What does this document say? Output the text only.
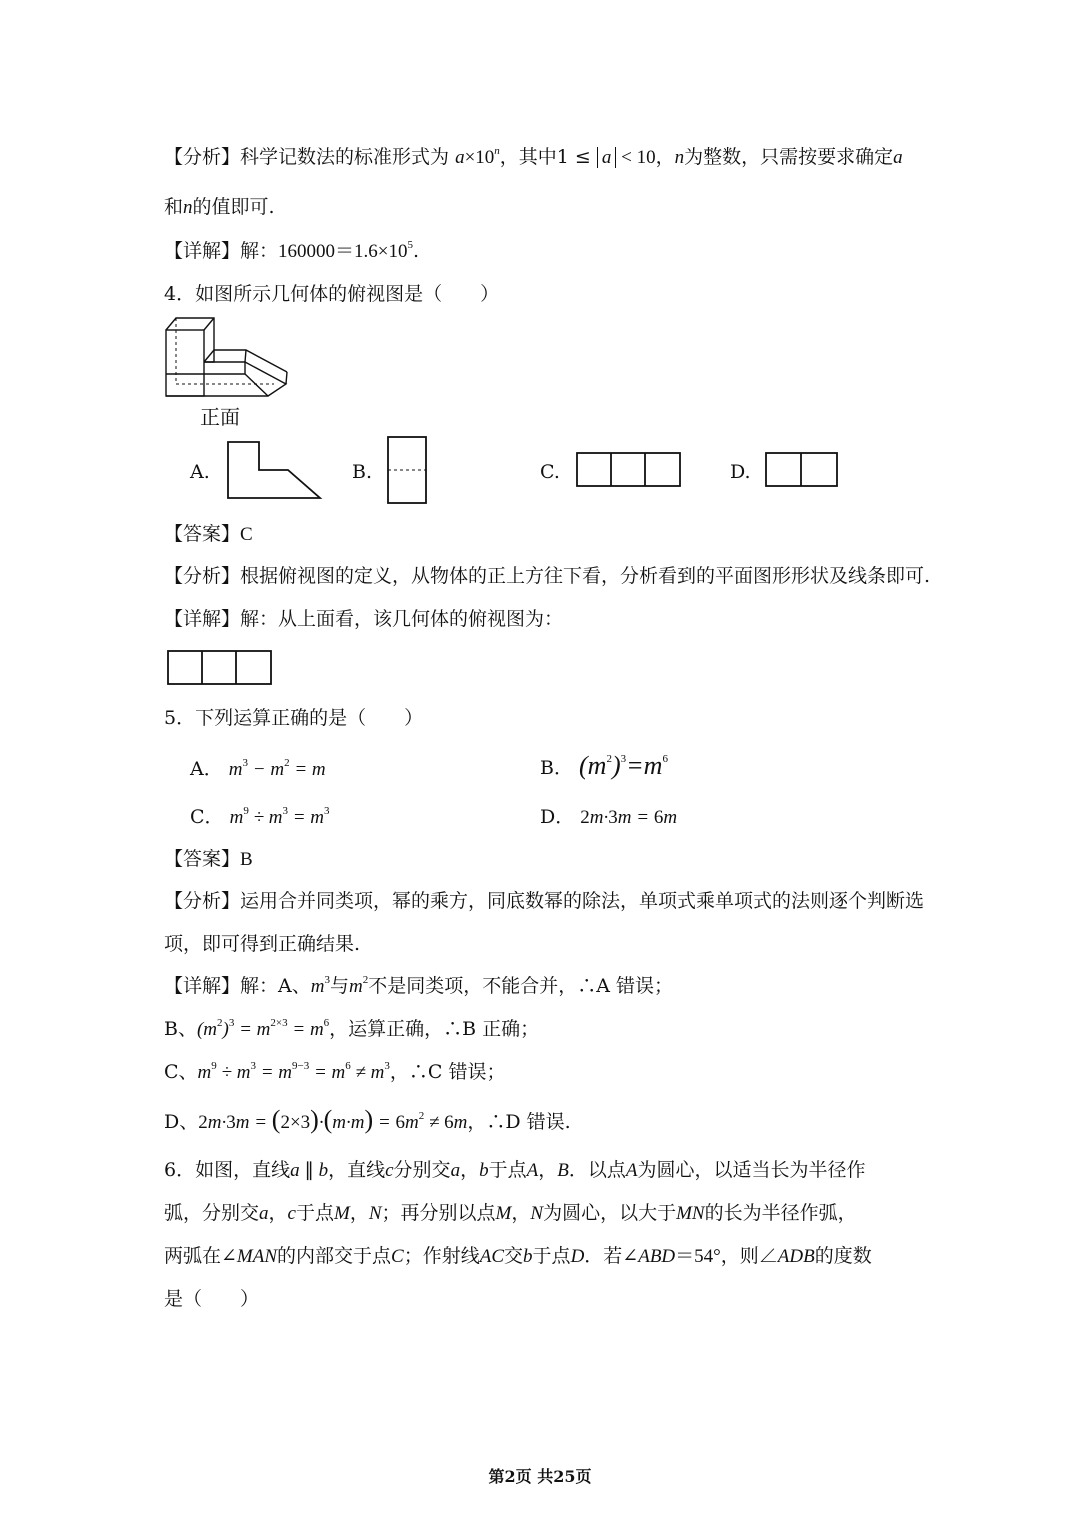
【分析】科学记数法的标准形式为 $a\times 10^n$，其中1 ≤ a < 10，n为整数，只需按要求确定a
和n的值即可.
【详解】解：$160000=1.6\times 10^5$.
4．如图所示几何体的俯视图是（　　）
正面
A.	B.	C.	D.
【答案】C
【分析】根据俯视图的定义，从物体的正上方往下看，分析看到的平面图形形状及线条即可.
【详解】解：从上面看，该几何体的俯视图为：
5．下列运算正确的是（　　）
A． $m^3 - m^2 = m$	B． $(m^2)^3=m^6$
C． $m^9 \div m^3 = m^3$	D． 2m·3m = 6m
【答案】B
【分析】运用合并同类项，幂的乘方，同底数幂的除法，单项式乘单项式的法则逐个判断选
项，即可得到正确结果.
【详解】解：A、$m^3$与$m^2$不是同类项，不能合并，∴A 错误；
B、$(m^2)^3 = m^{2\times 3} = m^6$，运算正确，∴B 正确；
C、$m^9 \div m^3 = m^{9-3} = m^6 \ne m^3$，∴C 错误；
D、$2m\cdot 3m = (2\times 3)\cdot(m\cdot m) = 6m^2 \ne 6m$，∴D 错误.
6．如图，直线a ∥ b，直线c分别交a，b于点A，B．以点A为圆心，以适当长为半径作
弧，分别交a，c于点M，N；再分别以点M，N为圆心，以大于MN的长为半径作弧，
两弧在∠MAN的内部交于点C；作射线AC交b于点D．若∠ABD＝54°，则∠ADB的度数
是（　　）
第2页 共25页
